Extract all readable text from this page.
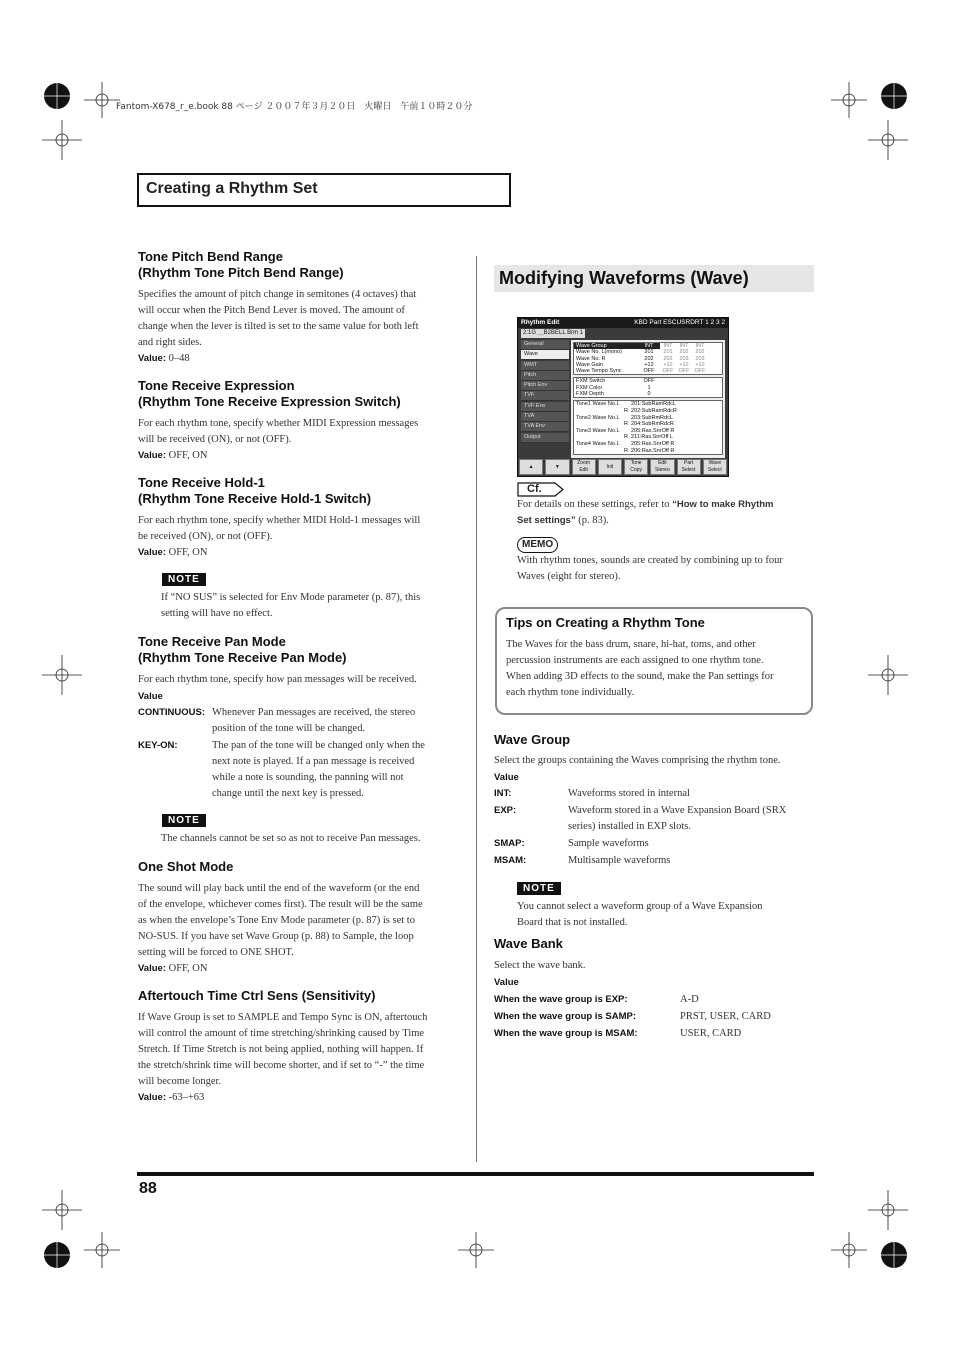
Fantom-X678_r_e.book 88 ページ ２００７年３月２０日　火曜日　午前１０時２０分
Creating a Rhythm Set
Tone Pitch Bend Range
(Rhythm Tone Pitch Bend Range)
Specifies the amount of pitch change in semitones (4 octaves) that
will occur when the Pitch Bend Lever is moved. The amount of
change when the lever is tilted is set to the same value for both left
and right sides.
Value: 0–48
Tone Receive Expression
(Rhythm Tone Receive Expression Switch)
For each rhythm tone, specify whether MIDI Expression messages
will be received (ON), or not (OFF).
Value: OFF, ON
Tone Receive Hold-1
(Rhythm Tone Receive Hold-1 Switch)
For each rhythm tone, specify whether MIDI Hold-1 messages will
be received (ON), or not (OFF).
Value: OFF, ON
NOTE
If “NO SUS” is selected for Env Mode parameter (p. 87), this
setting will have no effect.
Tone Receive Pan Mode
(Rhythm Tone Receive Pan Mode)
For each rhythm tone, specify how pan messages will be received.
Value
CONTINUOUS: Whenever Pan messages are received, the stereo
position of the tone will be changed.
KEY-ON:	The pan of the tone will be changed only when the
next note is played. If a pan message is received
while a note is sounding, the panning will not
change until the next key is pressed.
NOTE
The channels cannot be set so as not to receive Pan messages.
One Shot Mode
The sound will play back until the end of the waveform (or the end
of the envelope, whichever comes first). The result will be the same
as when the envelope’s Tone Env Mode parameter (p. 87) is set to
NO-SUS. If you have set Wave Group (p. 88) to Sample, the loop
setting will be forced to ONE SHOT.
Value: OFF, ON
Aftertouch Time Ctrl Sens (Sensitivity)
If Wave Group is set to SAMPLE and Tempo Sync is ON, aftertouch
will control the amount of time stretching/shrinking caused by Time
Stretch. If Time Stretch is not being applied, nothing will happen. If
the stretch/shrink time will become shorter, and if set to “-” the time
will become longer.
Value: -63–+63
Modifying Waveforms (Wave)
Rhythm Edit	KBD Part ESCUSRDRT 1 2 3 2
2:1G ＿B2BELL Brm 1
General
Wave
WMT
Pitch
Pitch Env
TVF
TVF Env
TVA
TVA Env
Output
Wave Group	INT	INT	INT	INT
Wave No. L(mono)	201	201	202	202
Wave No. R	202	202	203	203
Wave Gain	+12	+12	+12	+12
Wave Tempo Sync	OFF	OFF OFF OFF
FXM Switch	OFF
FXM Color	1
FXM Depth	0
Tone1 Wave No.L	201:SubRamRdcL
R 202:SubRamRdcR
Tone2 Wave No.L	203:SubRmRdcL
R 204:SubRmRdcR
Tone3 Wave No.L	205:Ras.SnrOff R
R 211:Ras.SnrOff L
Tone4 Wave No.L	205:Ras.SnrOff R
R 206:Ras.SnrOff R
▲	▼
Zoom Edit
Init
Tone Copy
Edit Stereo
Part Select
Wave Select
Cf.
For details on these settings, refer to “How to make Rhythm
Set settings” (p. 83).
MEMO
With rhythm tones, sounds are created by combining up to four
Waves (eight for stereo).
Tips on Creating a Rhythm Tone
The Waves for the bass drum, snare, hi-hat, toms, and other
percussion instruments are each assigned to one rhythm tone.
When adding 3D effects to the sound, make the Pan settings for
each rhythm tone individually.
Wave Group
Select the groups containing the Waves comprising the rhythm tone.
Value
INT:	Waveforms stored in internal
EXP:	Waveform stored in a Wave Expansion Board (SRX
series) installed in EXP slots.
SMAP:	Sample waveforms
MSAM:	Multisample waveforms
NOTE
You cannot select a waveform group of a Wave Expansion
Board that is not installed.
Wave Bank
Select the wave bank.
Value
When the wave group is EXP:	A-D
When the wave group is SAMP:	PRST, USER, CARD
When the wave group is MSAM:	USER, CARD
88
